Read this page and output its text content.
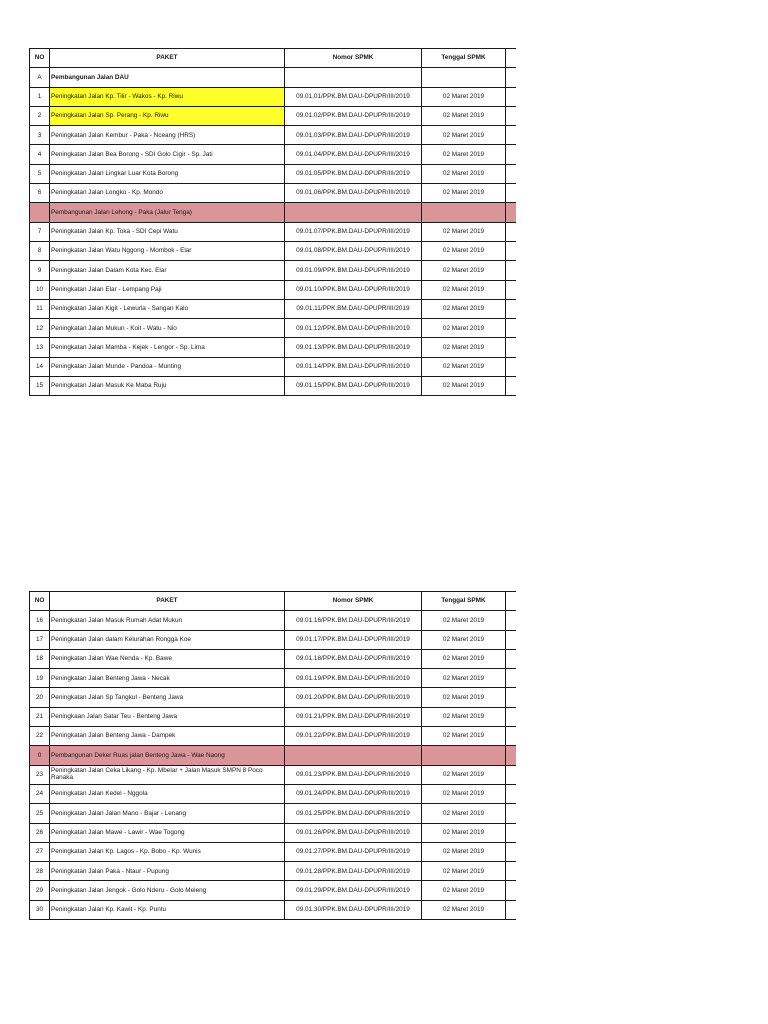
NO	PAKET	Nomor SPMK	Tenggal SPMK	
A	Pembangunan Jalan DAU			
1	Peningkatan Jalan Kp. Tilir - Wakos - Kp. Riwu	09.01.01/PPK.BM.DAU-DPUPR/III/2019	02 Maret 2019	
2	Peningkatan Jalan Sp. Perang - Kp. Riwu	09.01.02/PPK.BM.DAU-DPUPR/III/2019	02 Maret 2019	
3	Peningkatan Jalan Kembur - Paka - Nceang (HRS)	09.01.03/PPK.BM.DAU-DPUPR/III/2019	02 Maret 2019	
4	Peningkatan Jalan Bea Borong - SDI Golo Cigir - Sp. Jati	09.01.04/PPK.BM.DAU-DPUPR/III/2019	02 Maret 2019	
5	Peningkatan Jalan Lingkar Luar Kota Borong	09.01.05/PPK.BM.DAU-DPUPR/III/2019	02 Maret 2019	
6	Peningkatan Jalan Longko - Kp. Mondo	09.01.06/PPK.BM.DAU-DPUPR/III/2019	02 Maret 2019	
	Pembangunan Jalan Lehong - Paka (Jalur Tenga)			
7	Peningkatan Jalan Kp. Toka - SDI Cepi Watu	09.01.07/PPK.BM.DAU-DPUPR/III/2019	02 Maret 2019	
8	Peningkatan Jalan Watu Nggong - Mombok - Elar	09.01.08/PPK.BM.DAU-DPUPR/III/2019	02 Maret 2019	
9	Peningkatan Jalan Dalam Kota Kec. Elar	09.01.09/PPK.BM.DAU-DPUPR/III/2019	02 Maret 2019	
10	Peningkatan Jalan Elar - Lempang Paji	09.01.10/PPK.BM.DAU-DPUPR/III/2019	02 Maret 2019	
11	Peningkatan Jalan Kigit - Lewurla - Sangan Kalo	09.01.11/PPK.BM.DAU-DPUPR/III/2019	02 Maret 2019	
12	Peningkatan Jalan Mukun - Koit - Watu - Nio	09.01.12/PPK.BM.DAU-DPUPR/III/2019	02 Maret 2019	
13	Peningkatan Jalan Mamba - Kejek - Lengor - Sp. Lima	09.01.13/PPK.BM.DAU-DPUPR/III/2019	02 Maret 2019	
14	Peningkatan Jalan Munde - Pandoa - Munting	09.01.14/PPK.BM.DAU-DPUPR/III/2019	02 Maret 2019	
15	Peningkatan Jalan Masuk Ke Maba Ruju	09.01.15/PPK.BM.DAU-DPUPR/III/2019	02 Maret 2019	
NO	PAKET	Nomor SPMK	Tenggal SPMK	
16	Peningkatan Jalan Masuk Rumah Adat Mukun	09.01.16/PPK.BM.DAU-DPUPR/III/2019	02 Maret 2019	
17	Peningkatan Jalan dalam Kelurahan Rongga Koe	09.01.17/PPK.BM.DAU-DPUPR/III/2019	02 Maret 2019	
18	Peningkatan Jalan Wae Nenda - Kp. Bawe	09.01.18/PPK.BM.DAU-DPUPR/III/2019	02 Maret 2019	
19	Peningkatan Jalan Benteng Jawa - Necak	09.01.19/PPK.BM.DAU-DPUPR/III/2019	02 Maret 2019	
20	Peningkatan Jalan Sp Tangkul - Benteng Jawa	09.01.20/PPK.BM.DAU-DPUPR/III/2019	02 Maret 2019	
21	Peningkaan Jalan Satar Teu - Benteng Jawa	09.01.21/PPK.BM.DAU-DPUPR/III/2019	02 Maret 2019	
22	Peningkatan Jalan Benteng Jawa - Dampek	09.01.22/PPK.BM.DAU-DPUPR/III/2019	02 Maret 2019	
0	Pembangunan Deker Ruas jalan Benteng Jawa - Wae Naong			
23	Peningkatan Jalan Ceka Likang - Kp. Mbelar + Jalan Masuk SMPN 8 Poco Ranaka	09.01.23/PPK.BM.DAU-DPUPR/III/2019	02 Maret 2019	
24	Peningkatan Jalan Kedel - Nggola	09.01.24/PPK.BM.DAU-DPUPR/III/2019	02 Maret 2019	
25	Peningkatan Jalan Jalan Mano - Bajar - Lenang	09.01.25/PPK.BM.DAU-DPUPR/III/2019	02 Maret 2019	
26	Peningkatan Jalan Mawe - Lawir - Wae Togong	09.01.26/PPK.BM.DAU-DPUPR/III/2019	02 Maret 2019	
27	Peningkatan Jalan Kp. Lagos - Kp. Bobo - Kp. Wunis	09.01.27/PPK.BM.DAU-DPUPR/III/2019	02 Maret 2019	
28	Peningkatan Jalan Paka - Ntaur - Pupung	09.01.28/PPK.BM.DAU-DPUPR/III/2019	02 Maret 2019	
29	Peningkatan Jalan Jengok - Golo Nderu - Golo Meleng	09.01.29/PPK.BM.DAU-DPUPR/III/2019	02 Maret 2019	
30	Peningkatan Jalan Kp. Kawit - Kp. Puntu	09.01.30/PPK.BM.DAU-DPUPR/III/2019	02 Maret 2019	
